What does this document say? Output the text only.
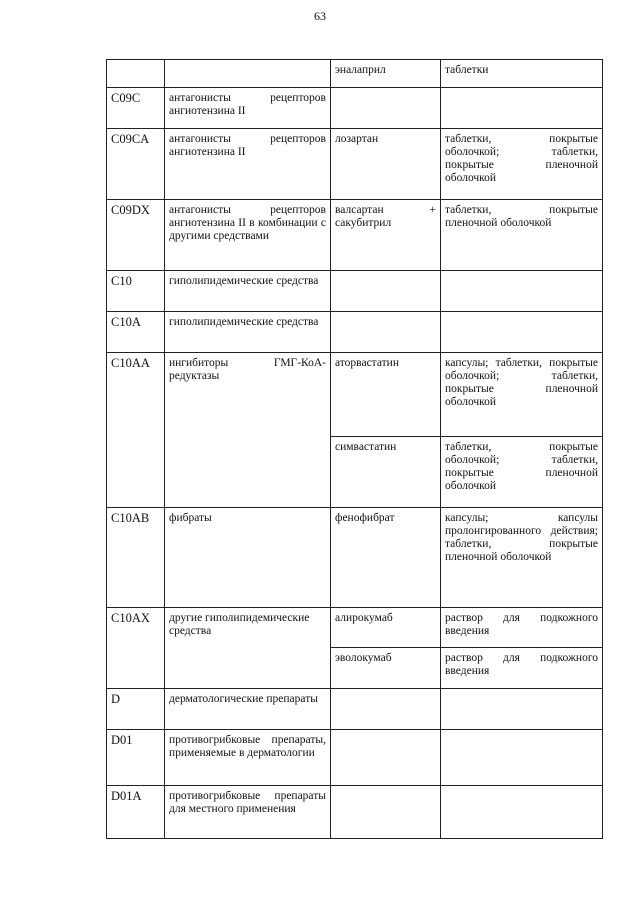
63
		эналаприл	таблетки
C09C	антагонисты рецепторов ангиотензина II		
C09CA	антагонисты рецепторов ангиотензина II	лозартан	таблетки, покрытые оболочкой; таблетки, покрытые пленочной оболочкой
C09DX	антагонисты рецепторов ангиотензина II в комбинации с другими средствами	валсартан + сакубитрил	таблетки, покрытые пленочной оболочкой
C10	гиполипидемические средства		
C10A	гиполипидемические средства		
C10AA	ингибиторы ГМГ-КоА-редуктазы	аторвастатин	капсулы; таблетки, покрытые оболочкой; таблетки, покрытые пленочной оболочкой
		симвастатин	таблетки, покрытые оболочкой; таблетки, покрытые пленочной оболочкой
C10AB	фибраты	фенофибрат	капсулы; капсулы пролонгированного действия; таблетки, покрытые пленочной оболочкой
C10AX	другие гиполипидемические средства	алирокумаб	раствор для подкожного введения
		эволокумаб	раствор для подкожного введения
D	дерматологические препараты		
D01	противогрибковые препараты, применяемые в дерматологии		
D01A	противогрибковые препараты для местного применения		
